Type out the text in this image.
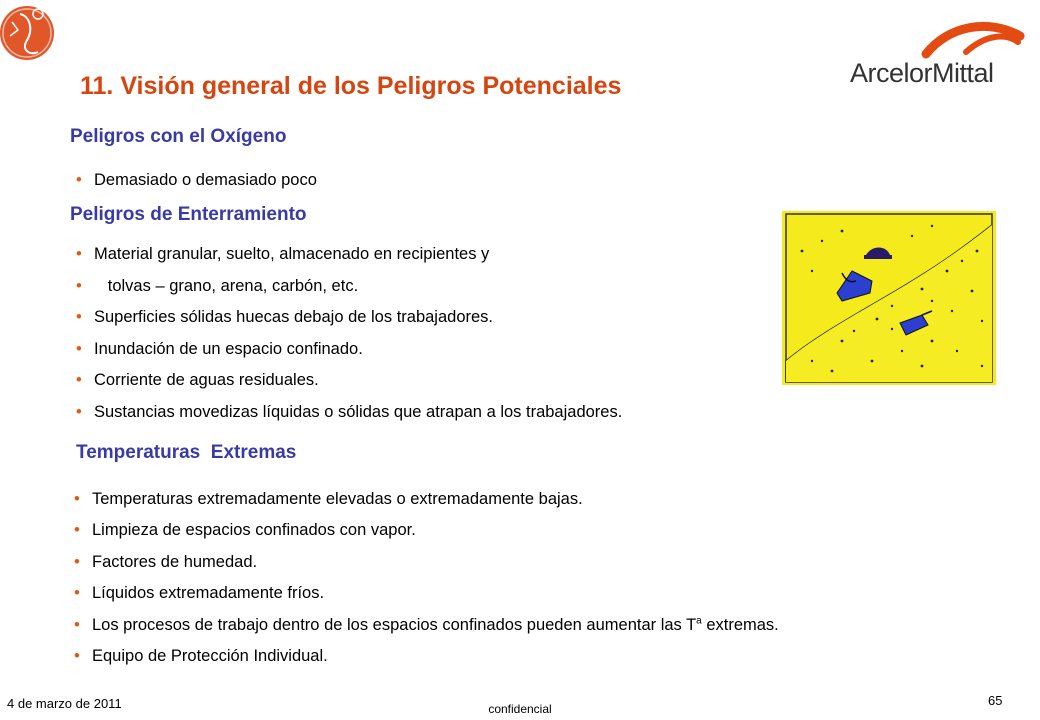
ArcelorMittal
11. Visión general de los Peligros Potenciales
Peligros con el Oxígeno
• Demasiado o demasiado poco
Peligros de Enterramiento
• Material granular, suelto, almacenado en recipientes y
• tolvas – grano, arena, carbón, etc.
• Superficies sólidas huecas debajo de los trabajadores.
• Inundación de un espacio confinado.
• Corriente de aguas residuales.
• Sustancias movedizas líquidas o sólidas que atrapan a los trabajadores.
Temperaturas  Extremas
• Temperaturas extremadamente elevadas o extremadamente bajas.
• Limpieza de espacios confinados con vapor.
• Factores de humedad.
• Líquidos extremadamente fríos.
• Los procesos de trabajo dentro de los espacios confinados pueden aumentar las $T^a$ extremas.
• Equipo de Protección Individual.
4 de marzo de 2011	confidencial
65
